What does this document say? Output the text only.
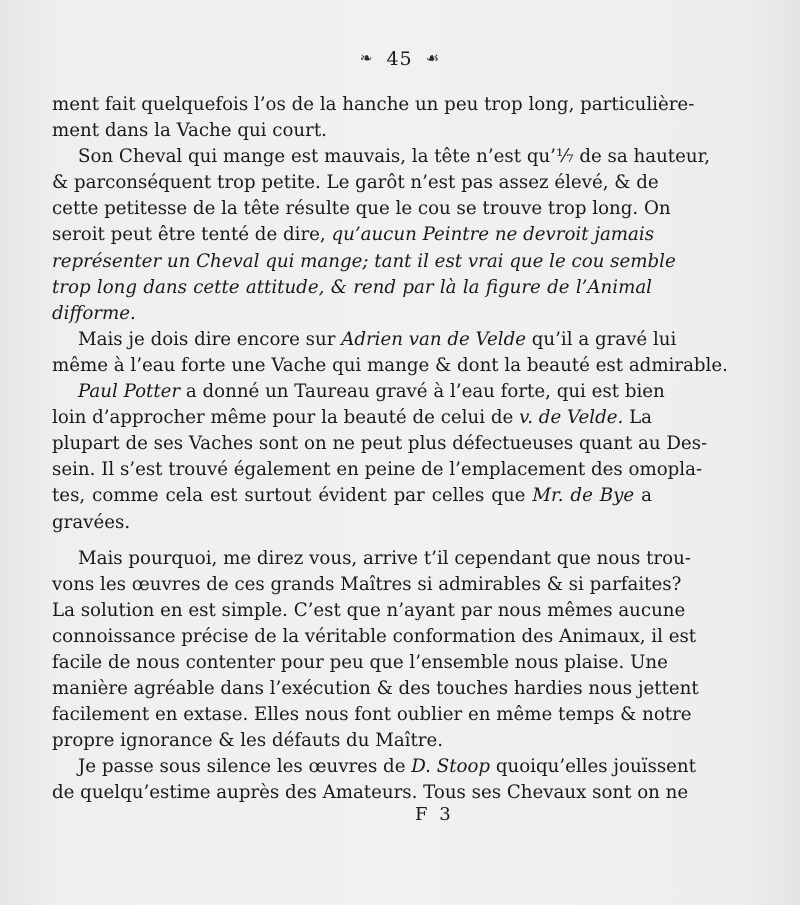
❧ 45 ☙
ment fait quelquefois l’os de la hanche un peu trop long, particulière-
ment dans la Vache qui court.
Son Cheval qui mange est mauvais, la tête n’est qu’⅐ de sa hauteur,
& parconséquent trop petite. Le garôt n’est pas assez élevé, & de
cette petitesse de la tête résulte que le cou se trouve trop long. On
seroit peut être tenté de dire, qu’aucun Peintre ne devroit jamais
représenter un Cheval qui mange; tant il est vrai que le cou semble
trop long dans cette attitude, & rend par là la figure de l’Animal
difforme.
Mais je dois dire encore sur Adrien van de Velde qu’il a gravé lui
même à l’eau forte une Vache qui mange & dont la beauté est admirable.
Paul Potter a donné un Taureau gravé à l’eau forte, qui est bien
loin d’approcher même pour la beauté de celui de v. de Velde. La
plupart de ses Vaches sont on ne peut plus défectueuses quant au Des-
sein. Il s’est trouvé également en peine de l’emplacement des omopla-
tes, comme cela est surtout évident par celles que Mr. de Bye a
gravées.
Mais pourquoi, me direz vous, arrive t’il cependant que nous trou-
vons les œuvres de ces grands Maîtres si admirables & si parfaites?
La solution en est simple. C’est que n’ayant par nous mêmes aucune
connoissance précise de la véritable conformation des Animaux, il est
facile de nous contenter pour peu que l’ensemble nous plaise. Une
manière agréable dans l’exécution & des touches hardies nous jettent
facilement en extase. Elles nous font oublier en même temps & notre
propre ignorance & les défauts du Maître.
Je passe sous silence les œuvres de D. Stoop quoiqu’elles jouïssent
de quelqu’estime auprès des Amateurs. Tous ses Chevaux sont on ne
F 3
